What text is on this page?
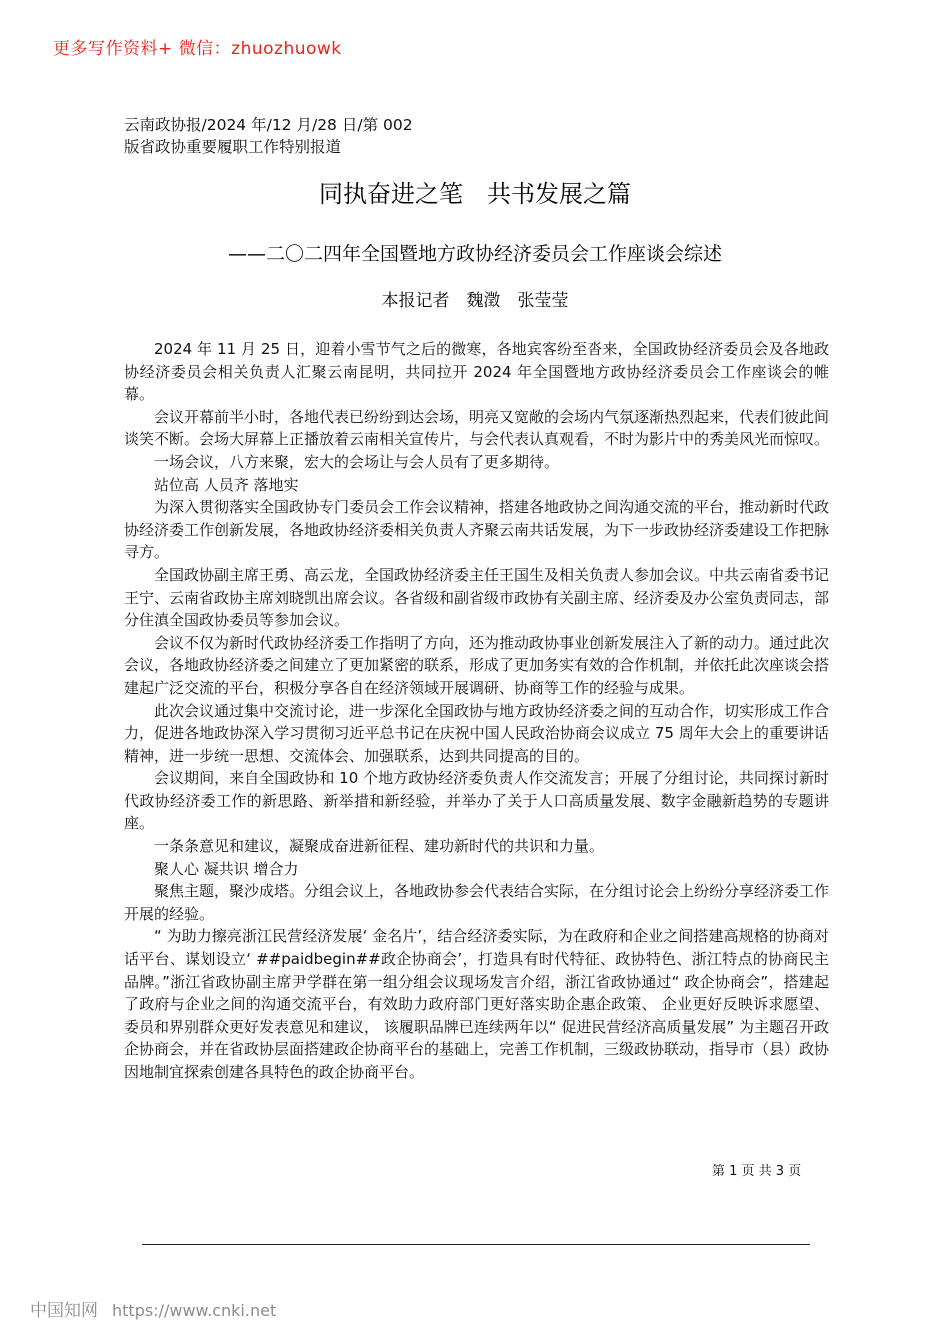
更多写作资料+ 微信：zhuozhuowk
云南政协报/2024 年/12 月/28 日/第 002 版省政协重要履职工作特别报道
同执奋进之笔　共书发展之篇
——二〇二四年全国暨地方政协经济委员会工作座谈会综述
本报记者　魏澂　张莹莹

2024 年 11 月 25 日，迎着小雪节气之后的微寒，各地宾客纷至沓来，全国政协经济委员会及各地政协经济委员会相关负责人汇聚云南昆明，共同拉开 2024 年全国暨地方政协经济委员会工作座谈会的帷幕。

会议开幕前半小时，各地代表已纷纷到达会场，明亮又宽敞的会场内气氛逐渐热烈起来，代表们彼此间谈笑不断。会场大屏幕上正播放着云南相关宣传片，与会代表认真观看，不时为影片中的秀美风光而惊叹。

一场会议，八方来聚，宏大的会场让与会人员有了更多期待。

站位高 人员齐 落地实

为深入贯彻落实全国政协专门委员会工作会议精神，搭建各地政协之间沟通交流的平台，推动新时代政协经济委工作创新发展，各地政协经济委相关负责人齐聚云南共话发展，为下一步政协经济委建设工作把脉寻方。

全国政协副主席王勇、高云龙，全国政协经济委主任王国生及相关负责人参加会议。中共云南省委书记王宁、云南省政协主席刘晓凯出席会议。各省级和副省级市政协有关副主席、经济委及办公室负责同志，部分住滇全国政协委员等参加会议。

会议不仅为新时代政协经济委工作指明了方向，还为推动政协事业创新发展注入了新的动力。通过此次会议，各地政协经济委之间建立了更加紧密的联系，形成了更加务实有效的合作机制，并依托此次座谈会搭建起广泛交流的平台，积极分享各自在经济领域开展调研、协商等工作的经验与成果。

此次会议通过集中交流讨论，进一步深化全国政协与地方政协经济委之间的互动合作，切实形成工作合力，促进各地政协深入学习贯彻习近平总书记在庆祝中国人民政治协商会议成立 75 周年大会上的重要讲话精神，进一步统一思想、交流体会、加强联系，达到共同提高的目的。

会议期间，来自全国政协和 10 个地方政协经济委负责人作交流发言；开展了分组讨论，共同探讨新时代政协经济委工作的新思路、新举措和新经验，并举办了关于人口高质量发展、数字金融新趋势的专题讲座。

一条条意见和建议，凝聚成奋进新征程、建功新时代的共识和力量。

聚人心 凝共识 增合力

聚焦主题，聚沙成塔。分组会议上，各地政协参会代表结合实际，在分组讨论会上纷纷分享经济委工作开展的经验。

“ 为助力擦亮浙江民营经济发展‘ 金名片’，结合经济委实际，为在政府和企业之间搭建高规格的协商对话平台、谋划设立‘ ##paidbegin##政企协商会’，打造具有时代特征、政协特色、浙江特点的协商民主品牌。”浙江省政协副主席尹学群在第一组分组会议现场发言介绍，浙江省政协通过“ 政企协商会”，搭建起了政府与企业之间的沟通交流平台，有效助力政府部门更好落实助企惠企政策、 企业更好反映诉求愿望、 委员和界别群众更好发表意见和建议， 该履职品牌已连续两年以“ 促进民营经济高质量发展” 为主题召开政企协商会，并在省政协层面搭建政企协商平台的基础上，完善工作机制，三级政协联动，指导市（县）政协因地制宜探索创建各具特色的政企协商平台。

第 1 页 共 3 页
中国知网 https://www.cnki.net
